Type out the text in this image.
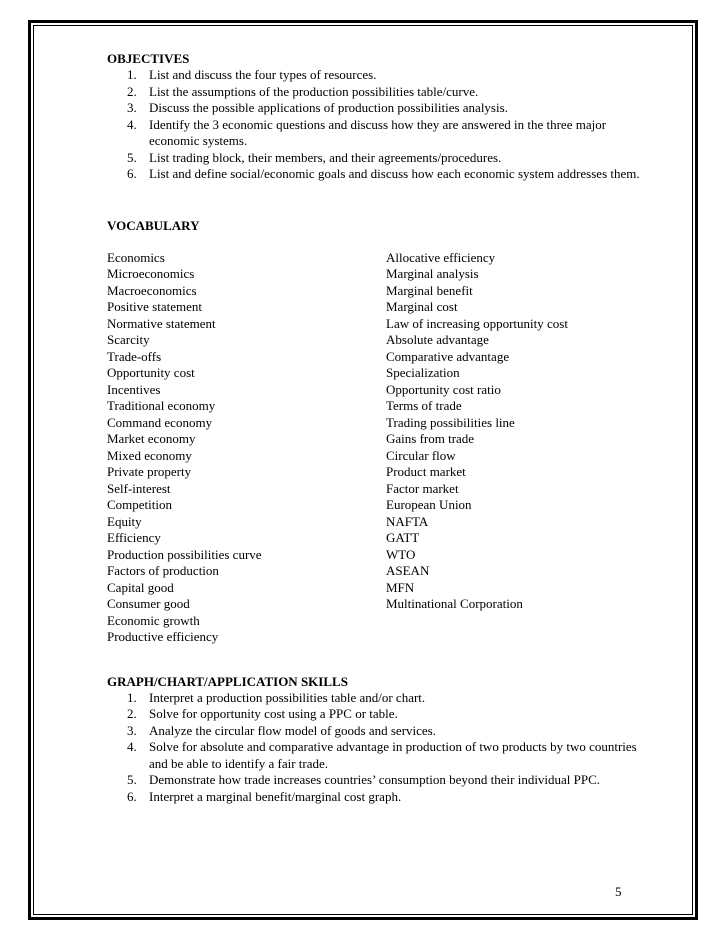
OBJECTIVES
1. List and discuss the four types of resources.
2. List the assumptions of the production possibilities table/curve.
3. Discuss the possible applications of production possibilities analysis.
4. Identify the 3 economic questions and discuss how they are answered in the three major economic systems.
5. List trading block, their members, and their agreements/procedures.
6. List and define social/economic goals and discuss how each economic system addresses them.
VOCABULARY
Economics
Microeconomics
Macroeconomics
Positive statement
Normative statement
Scarcity
Trade-offs
Opportunity cost
Incentives
Traditional economy
Command economy
Market economy
Mixed economy
Private property
Self-interest
Competition
Equity
Efficiency
Production possibilities curve
Factors of production
Capital good
Consumer good
Economic growth
Productive efficiency
Allocative efficiency
Marginal analysis
Marginal benefit
Marginal cost
Law of increasing opportunity cost
Absolute advantage
Comparative advantage
Specialization
Opportunity cost ratio
Terms of trade
Trading possibilities line
Gains from trade
Circular flow
Product market
Factor market
European Union
NAFTA
GATT
WTO
ASEAN
MFN
Multinational Corporation
GRAPH/CHART/APPLICATION SKILLS
1. Interpret a production possibilities table and/or chart.
2. Solve for opportunity cost using a PPC or table.
3. Analyze the circular flow model of goods and services.
4. Solve for absolute and comparative advantage in production of two products by two countries and be able to identify a fair trade.
5. Demonstrate how trade increases countries’ consumption beyond their individual PPC.
6. Interpret a marginal benefit/marginal cost graph.
5
